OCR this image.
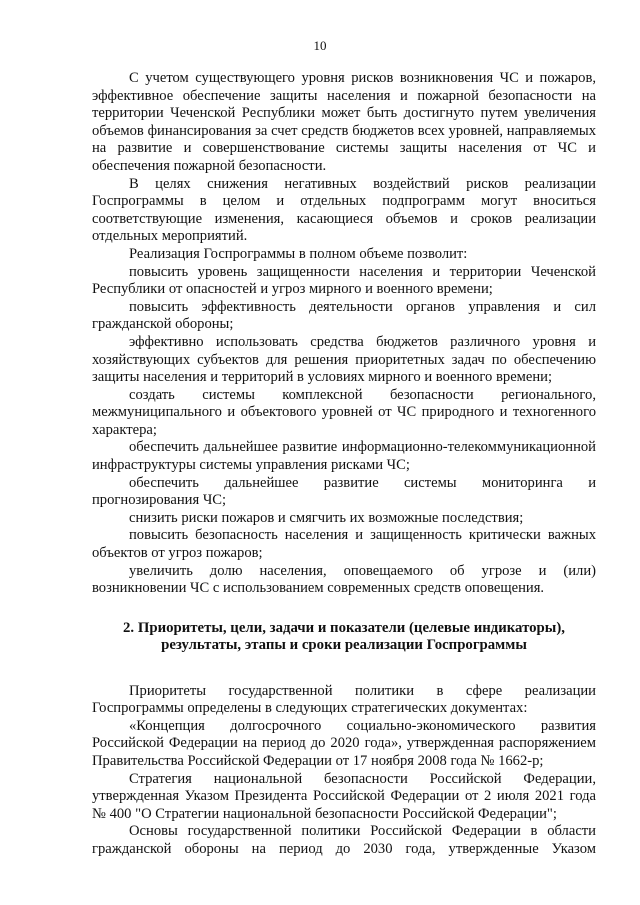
10

С учетом существующего уровня рисков возникновения ЧС и пожаров, эффективное обеспечение защиты населения и пожарной безопасности на территории Чеченской Республики может быть достигнуто путем увеличения объемов финансирования за счет средств бюджетов всех уровней, направляемых на развитие и совершенствование системы защиты населения от ЧС и обеспечения пожарной безопасности.

В целях снижения негативных воздействий рисков реализации Госпрограммы в целом и отдельных подпрограмм могут вноситься соответствующие изменения, касающиеся объемов и сроков реализации отдельных мероприятий.

Реализация Госпрограммы в полном объеме позволит:

повысить уровень защищенности населения и территории Чеченской Республики от опасностей и угроз мирного и военного времени;

повысить эффективность деятельности органов управления и сил гражданской обороны;

эффективно использовать средства бюджетов различного уровня и хозяйствующих субъектов для решения приоритетных задач по обеспечению защиты населения и территорий в условиях мирного и военного времени;

создать системы комплексной безопасности регионального, межмуниципального и объектового уровней от ЧС природного и техногенного характера;

обеспечить дальнейшее развитие информационно-телекоммуникационной инфраструктуры системы управления рисками ЧС;

обеспечить дальнейшее развитие системы мониторинга и прогнозирования ЧС;

снизить риски пожаров и смягчить их возможные последствия;

повысить безопасность населения и защищенность критически важных объектов от угроз пожаров;

увеличить долю населения, оповещаемого об угрозе и (или) возникновении ЧС с использованием современных средств оповещения.

2. Приоритеты, цели, задачи и показатели (целевые индикаторы), результаты, этапы и сроки реализации Госпрограммы

Приоритеты государственной политики в сфере реализации Госпрограммы определены в следующих стратегических документах:

«Концепция долгосрочного социально-экономического развития Российской Федерации на период до 2020 года», утвержденная распоряжением Правительства Российской Федерации от 17 ноября 2008 года № 1662-р;

Стратегия национальной безопасности Российской Федерации, утвержденная Указом Президента Российской Федерации от 2 июля 2021 года № 400 "О Стратегии национальной безопасности Российской Федерации";

Основы государственной политики Российской Федерации в области гражданской обороны на период до 2030 года, утвержденные Указом
